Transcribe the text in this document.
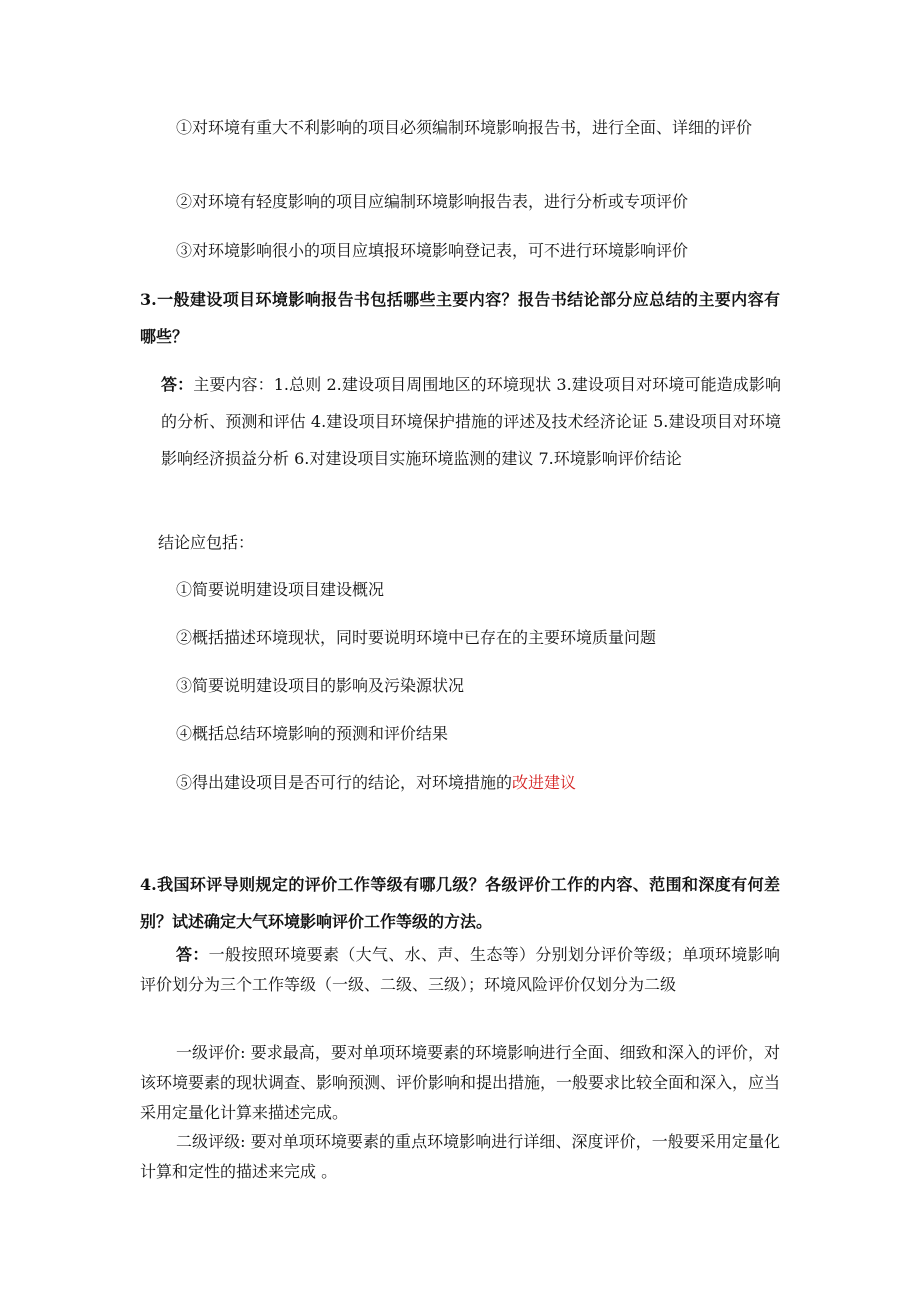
①对环境有重大不利影响的项目必须编制环境影响报告书，进行全面、详细的评价

②对环境有轻度影响的项目应编制环境影响报告表，进行分析或专项评价

③对环境影响很小的项目应填报环境影响登记表，可不进行环境影响评价

3.一般建设项目环境影响报告书包括哪些主要内容？报告书结论部分应总结的主要内容有哪些？

答：主要内容：1.总则 2.建设项目周围地区的环境现状 3.建设项目对环境可能造成影响的分析、预测和评估 4.建设项目环境保护措施的评述及技术经济论证 5.建设项目对环境影响经济损益分析 6.对建设项目实施环境监测的建议 7.环境影响评价结论

结论应包括：

①简要说明建设项目建设概况

②概括描述环境现状，同时要说明环境中已存在的主要环境质量问题

③简要说明建设项目的影响及污染源状况

④概括总结环境影响的预测和评价结果

⑤得出建设项目是否可行的结论，对环境措施的改进建议

4.我国环评导则规定的评价工作等级有哪几级？各级评价工作的内容、范围和深度有何差别？试述确定大气环境影响评价工作等级的方法。

答：一般按照环境要素（大气、水、声、生态等）分别划分评价等级；单项环境影响评价划分为三个工作等级（一级、二级、三级）；环境风险评价仅划分为二级

一级评价: 要求最高，要对单项环境要素的环境影响进行全面、细致和深入的评价，对该环境要素的现状调查、影响预测、评价影响和提出措施，一般要求比较全面和深入，应当采用定量化计算来描述完成。

二级评级: 要对单项环境要素的重点环境影响进行详细、深度评价，一般要采用定量化计算和定性的描述来完成 。
